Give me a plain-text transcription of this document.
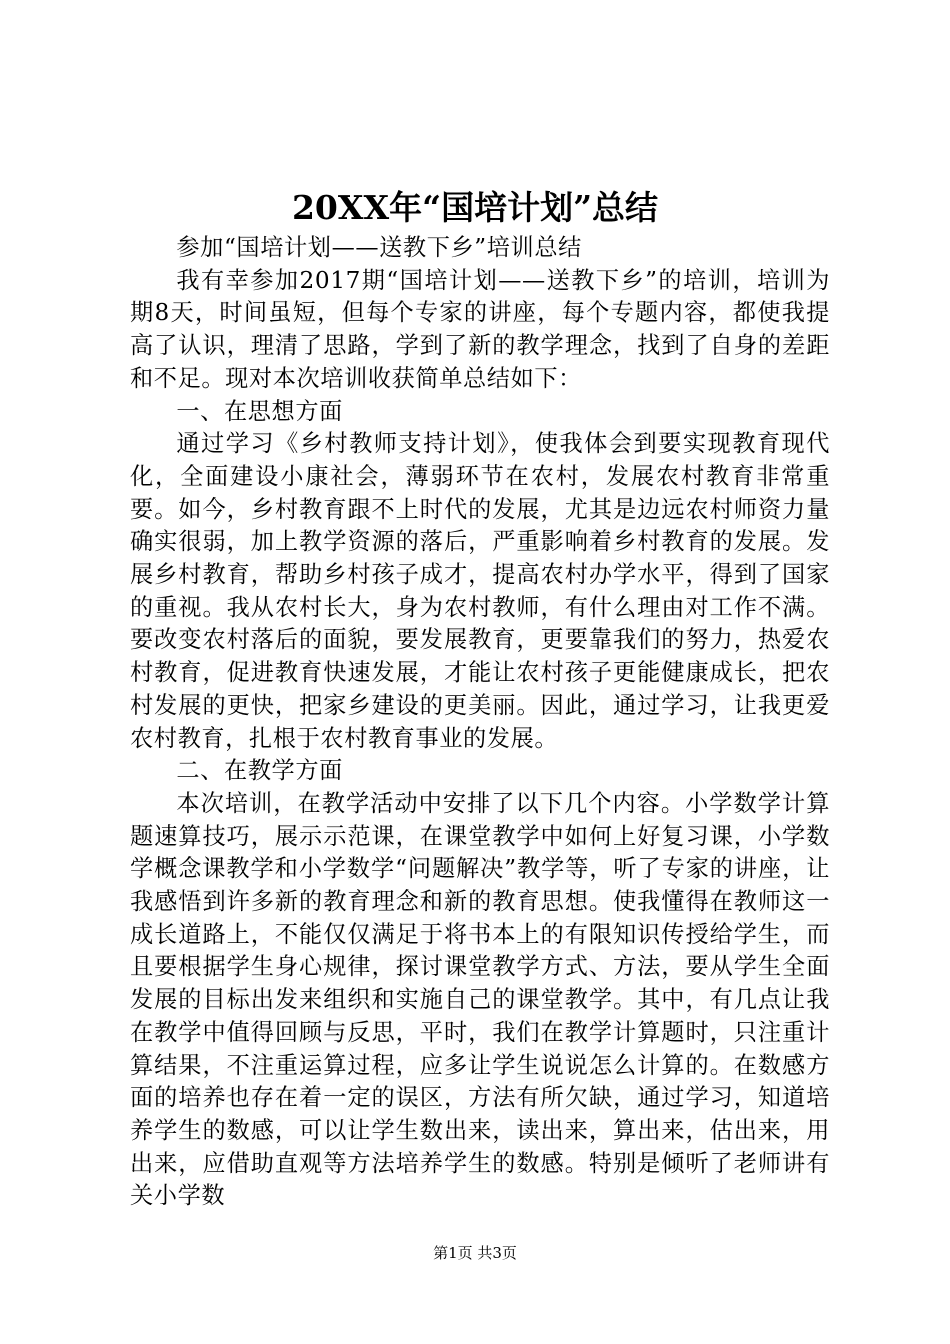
20XX年“国培计划”总结

参加“国培计划——送教下乡”培训总结

我有幸参加2017期“国培计划——送教下乡”的培训，培训为期8天，时间虽短，但每个专家的讲座，每个专题内容，都使我提高了认识，理清了思路，学到了新的教学理念，找到了自身的差距和不足。现对本次培训收获简单总结如下：

一、在思想方面

通过学习《乡村教师支持计划》，使我体会到要实现教育现代化，全面建设小康社会，薄弱环节在农村，发展农村教育非常重要。如今，乡村教育跟不上时代的发展，尤其是边远农村师资力量确实很弱，加上教学资源的落后，严重影响着乡村教育的发展。发展乡村教育，帮助乡村孩子成才，提高农村办学水平，得到了国家的重视。我从农村长大，身为农村教师，有什么理由对工作不满。要改变农村落后的面貌，要发展教育，更要靠我们的努力，热爱农村教育，促进教育快速发展，才能让农村孩子更能健康成长，把农村发展的更快，把家乡建设的更美丽。因此，通过学习，让我更爱农村教育，扎根于农村教育事业的发展。

二、在教学方面

本次培训，在教学活动中安排了以下几个内容。小学数学计算题速算技巧，展示示范课，在课堂教学中如何上好复习课，小学数学概念课教学和小学数学“问题解决”教学等，听了专家的讲座，让我感悟到许多新的教育理念和新的教育思想。使我懂得在教师这一成长道路上，不能仅仅满足于将书本上的有限知识传授给学生，而且要根据学生身心规律，探讨课堂教学方式、方法，要从学生全面发展的目标出发来组织和实施自己的课堂教学。其中，有几点让我在教学中值得回顾与反思，平时，我们在教学计算题时，只注重计算结果，不注重运算过程，应多让学生说说怎么计算的。在数感方面的培养也存在着一定的误区，方法有所欠缺，通过学习，知道培养学生的数感，可以让学生数出来，读出来，算出来，估出来，用出来，应借助直观等方法培养学生的数感。特别是倾听了老师讲有关小学数

第1页 共3页
